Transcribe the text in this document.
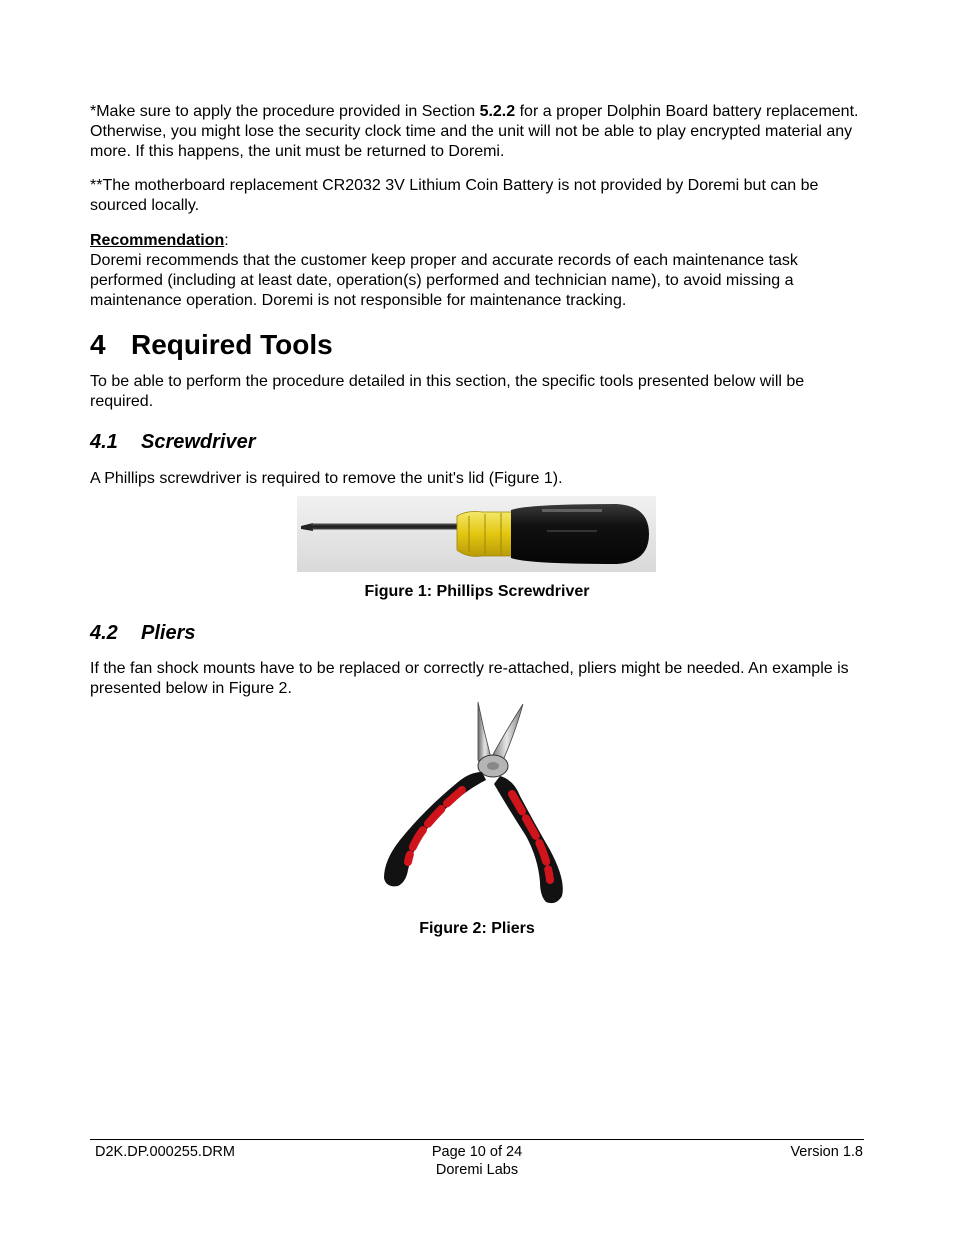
*Make sure to apply the procedure provided in Section 5.2.2 for a proper Dolphin Board battery replacement. Otherwise, you might lose the security clock time and the unit will not be able to play encrypted material any more. If this happens, the unit must be returned to Doremi.

**The motherboard replacement CR2032 3V Lithium Coin Battery is not provided by Doremi but can be sourced locally.

Recommendation:

Doremi recommends that the customer keep proper and accurate records of each maintenance task performed (including at least date, operation(s) performed and technician name), to avoid missing a maintenance operation. Doremi is not responsible for maintenance tracking.

4 Required Tools

To be able to perform the procedure detailed in this section, the specific tools presented below will be required.

4.1 Screwdriver

A Phillips screwdriver is required to remove the unit's lid (Figure 1).

Figure 1: Phillips Screwdriver
4.2 Pliers

If the fan shock mounts have to be replaced or correctly re-attached, pliers might be needed. An example is presented below in Figure 2.

Figure 2: Pliers
D2K.DP.000255.DRM	Page 10 of 24
Doremi Labs
Version 1.8
